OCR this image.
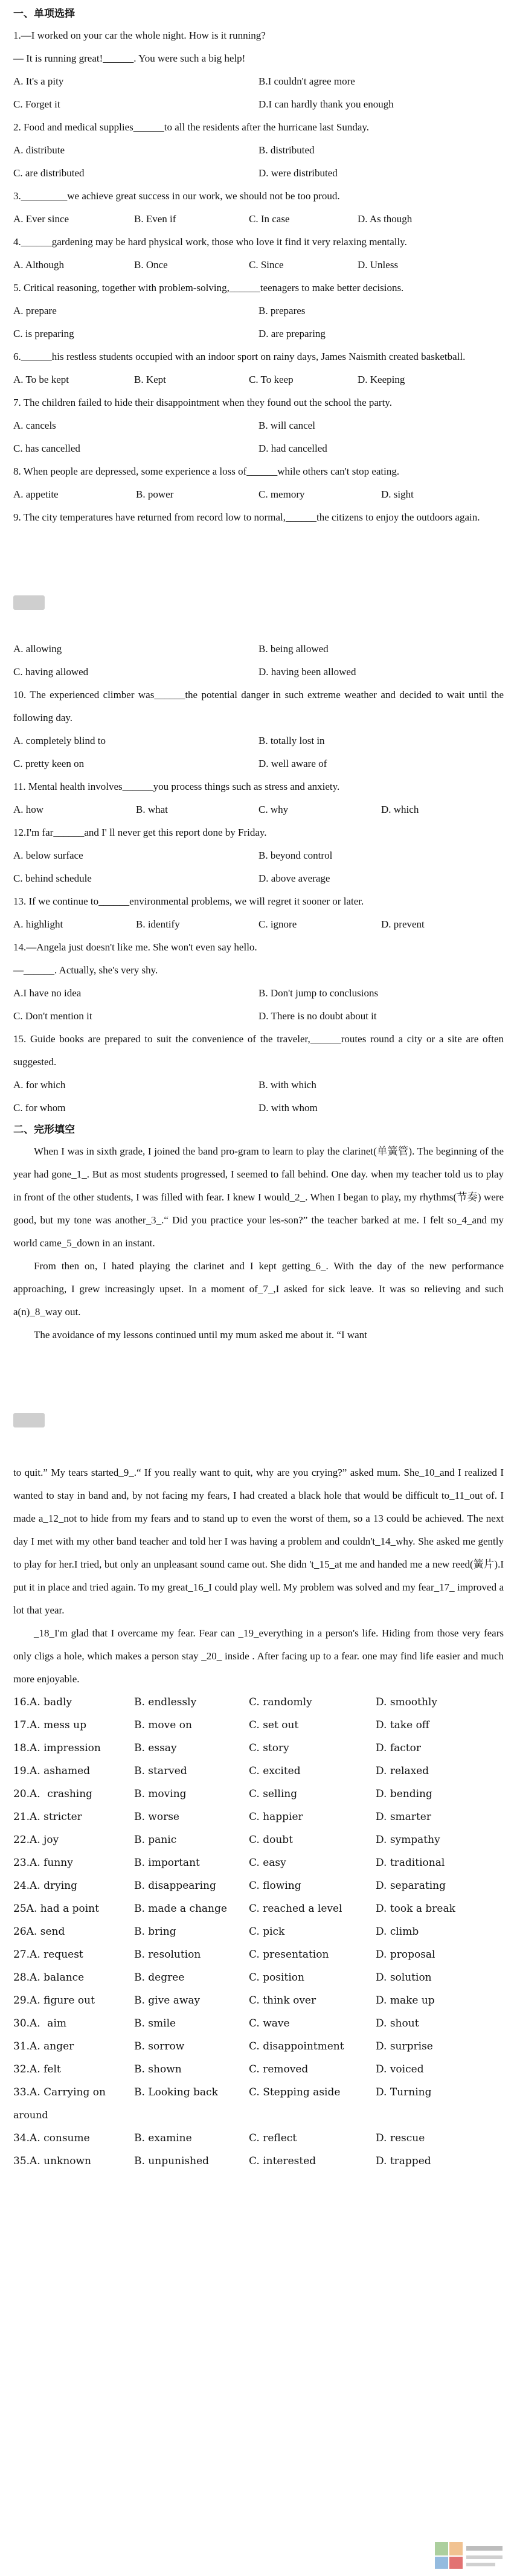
一、单项选择

1.—I worked on your car the whole night. How is it running?

— It is running great!______. You were such a big help!

A. It's a pity	B.I couldn't agree more
C. Forget it	D.I can hardly thank you enough

2. Food and medical supplies______to all the residents after the hurricane last Sunday.

A. distribute	B. distributed
C. are distributed	D. were distributed

3._________we achieve great success in our work, we should not be too proud.

A. Ever since	B. Even if	C. In case	D. As though

4.______gardening may be hard physical work, those who love it find it very relaxing mentally.

A. Although	B. Once	C. Since	D. Unless

5. Critical reasoning, together with problem-solving,______teenagers to make better decisions.

A. prepare	B. prepares
C. is preparing	D. are preparing

6.______his restless students occupied with an indoor sport on rainy days, James Naismith created basketball.

A. To be kept	B. Kept	C. To keep	D. Keeping

7. The children failed to hide their disappointment when they found out the school the party.

A. cancels	B. will cancel
C. has cancelled	D. had cancelled

8. When people are depressed, some experience a loss of______while others can't stop eating.

A. appetite	B. power	C. memory	D. sight

9. The city temperatures have returned from record low to normal,______the citizens to enjoy the outdoors again.

A. allowing	B. being allowed
C. having allowed	D. having been allowed

10. The experienced climber was______the potential danger in such extreme weather and decided to wait until the following day.

A. completely blind to	B. totally lost in
C. pretty keen on	D. well aware of

11. Mental health involves______you process things such as stress and anxiety.

A. how	B. what	C. why	D. which

12.I'm far______and I' ll never get this report done by Friday.

A. below surface	B. beyond control
C. behind schedule	D. above average

13. If we continue to______environmental problems, we will regret it sooner or later.

A. highlight	B. identify	C. ignore	D. prevent

14.—Angela just doesn't like me. She won't even say hello.

—______. Actually, she's very shy.

A.I have no idea	B. Don't jump to conclusions
C. Don't mention it	D. There is no doubt about it

15. Guide books are prepared to suit the convenience of the traveler,______routes round a city or a site are often suggested.

A. for which	B. with which
C. for whom	D. with whom

二、完形填空

When I was in sixth grade, I joined the band pro-gram to learn to play the clarinet(单簧管). The beginning of the year had gone_1_. But as most students progressed, I seemed to fall behind. One day. when my teacher told us to play in front of the other students, I was filled with fear. I knew I would_2_. When I began to play, my rhythms(节奏) were good, but my tone was another_3_.“ Did you practice your les-son?” the teacher barked at me. I felt so_4_and my world came_5_down in an instant.

From then on, I hated playing the clarinet and I kept getting_6_. With the day of the new performance approaching, I grew increasingly upset. In a moment of_7_,I asked for sick leave. It was so relieving and such a(n)_8_way out.

The avoidance of my lessons continued until my mum asked me about it. “I want

to quit.” My tears started_9_.“ If you really want to quit, why are you crying?” asked mum. She_10_and I realized I wanted to stay in band and, by not facing my fears, I had created a black hole that would be difficult to_11_out of. I made a_12_not to hide from my fears and to stand up to even the worst of them, so a 13 could be achieved. The next day I met with my other band teacher and told her I was having a problem and couldn't_14_why. She asked me gently to play for her.I tried, but only an unpleasant sound came out. She didn 't_15_at me and handed me a new reed(簧片).I put it in place and tried again. To my great_16_I could play well. My problem was solved and my fear_17_ improved a lot that year.

_18_I'm glad that I overcame my fear. Fear can _19_everything in a person's life. Hiding from those very fears only cligs a hole, which makes a person stay _20_ inside . After facing up to a fear. one may find life easier and much more enjoyable.

16.A. badly	B. endlessly	C. randomly	D. smoothly
17.A. mess up	B. move on	C. set out	D. take off
18.A. impression	B. essay	C. story	D. factor
19.A. ashamed	B. starved	C. excited	D. relaxed
20.A．crashing	B. moving	C. selling	D. bending
21.A. stricter	B. worse	C. happier	D. smarter
22.A. joy	B. panic	C. doubt	D. sympathy
23.A. funny	B. important	C. easy	D. traditional
24.A. drying	B. disappearing	C. flowing	D. separating
25A. had a point	B. made a change	C. reached a level	D. took a break
26A. send	B. bring	C. pick	D. climb
27.A. request	B. resolution	C. presentation	D. proposal
28.A. balance	B. degree	C. position	D. solution
29.A. figure out	B. give away	C. think over	D. make up
30.A．aim	B. smile	C. wave	D. shout
31.A. anger	B. sorrow	C. disappointment	D. surprise
32.A. felt	B. shown	C. removed	D. voiced
33.A. Carrying on	B. Looking back	C. Stepping aside	D. Turning

around

34.A. consume	B. examine	C. reflect	D. rescue
35.A. unknown	B. unpunished	C. interested	D. trapped
